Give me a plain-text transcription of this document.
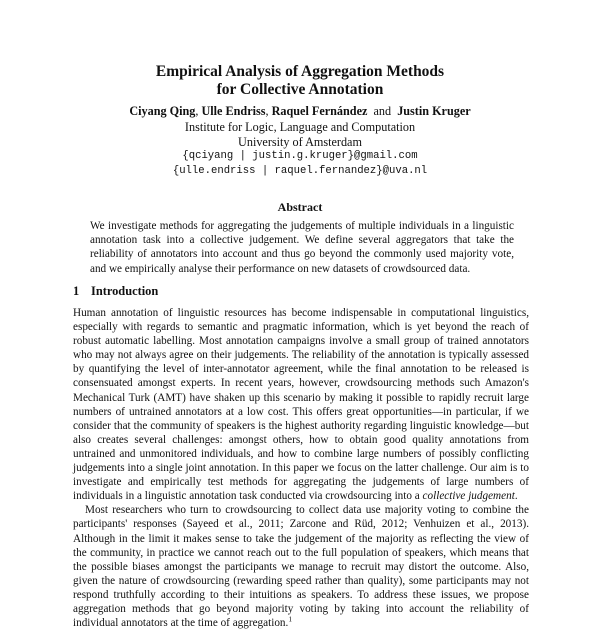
Empirical Analysis of Aggregation Methods
for Collective Annotation
Ciyang Qing, Ulle Endriss, Raquel Fernández  and  Justin Kruger
Institute for Logic, Language and Computation
University of Amsterdam
{qciyang | justin.g.kruger}@gmail.com
{ulle.endriss | raquel.fernandez}@uva.nl
Abstract
We investigate methods for aggregating the judgements of multiple individuals in a linguistic annotation task into a collective judgement. We define several aggregators that take the reliability of annotators into account and thus go beyond the commonly used majority vote, and we empirically analyse their performance on new datasets of crowdsourced data.
1 Introduction

Human annotation of linguistic resources has become indispensable in computational linguistics, especially with regards to semantic and pragmatic information, which is yet beyond the reach of robust automatic labelling. Most annotation campaigns involve a small group of trained annotators who may not always agree on their judgements. The reliability of the annotation is typically assessed by quantifying the level of inter-annotator agreement, while the final annotation to be released is consensuated amongst experts. In recent years, however, crowdsourcing methods such Amazon's Mechanical Turk (AMT) have shaken up this scenario by making it possible to rapidly recruit large numbers of untrained annotators at a low cost. This offers great opportunities—in particular, if we consider that the community of speakers is the highest authority regarding linguistic knowledge—but also creates several challenges: amongst others, how to obtain good quality annotations from untrained and unmonitored individuals, and how to combine large numbers of possibly conflicting judgements into a single joint annotation. In this paper we focus on the latter challenge. Our aim is to investigate and empirically test methods for aggregating the judgements of large numbers of individuals in a linguistic annotation task conducted via crowdsourcing into a collective judgement.

Most researchers who turn to crowdsourcing to collect data use majority voting to combine the participants' responses (Sayeed et al., 2011; Zarcone and Rüd, 2012; Venhuizen et al., 2013). Although in the limit it makes sense to take the judgement of the majority as reflecting the view of the community, in practice we cannot reach out to the full population of speakers, which means that the possible biases amongst the participants we manage to recruit may distort the outcome. Also, given the nature of crowdsourcing (rewarding speed rather than quality), some participants may not respond truthfully according to their intuitions as speakers. To address these issues, we propose aggregation methods that go beyond majority voting by taking into account the reliability of individual annotators at the time of aggregation.$^1$
